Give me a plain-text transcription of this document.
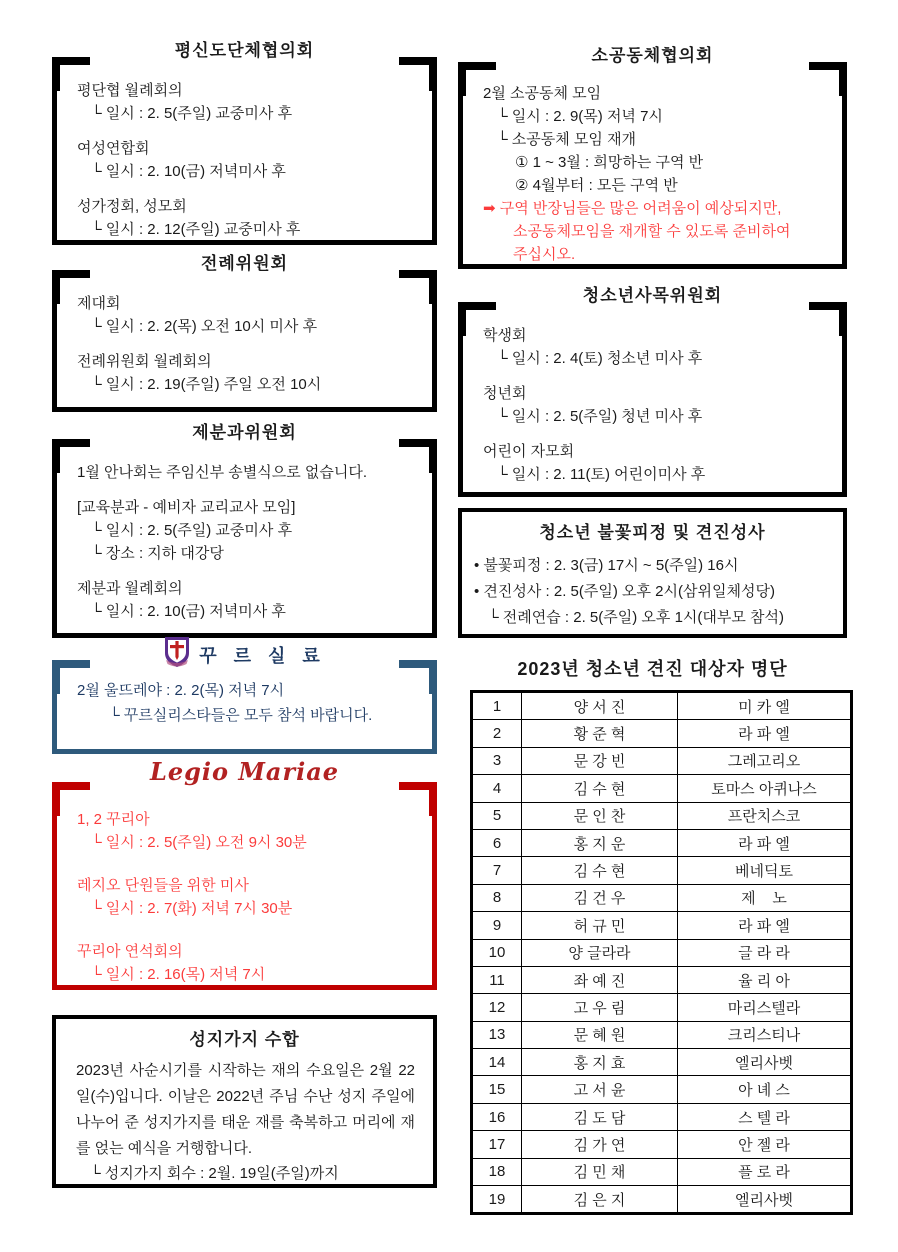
평신도단체협의회
평단협 월례회의
└ 일시 : 2. 5(주일) 교중미사 후
여성연합회
└ 일시 : 2. 10(금) 저녁미사 후
성가정회, 성모회
└ 일시 : 2. 12(주일) 교중미사 후
전례위원회
제대회
└ 일시 : 2. 2(목) 오전 10시 미사 후
전례위원회 월례회의
└ 일시 : 2. 19(주일) 주일 오전 10시
제분과위원회
1월 안나회는 주임신부 송별식으로 없습니다.
[교육분과 - 예비자 교리교사 모임]
└ 일시 : 2. 5(주일) 교중미사 후
└ 장소 : 지하 대강당
제분과 월례회의
└ 일시 : 2. 10(금) 저녁미사 후
꾸 르 실 료
2월 울뜨레야 : 2. 2(목) 저녁 7시
└ 꾸르실리스타들은 모두 참석 바랍니다.
Legio Mariae
1, 2 꾸리아
└ 일시 : 2. 5(주일) 오전 9시 30분
레지오 단원들을 위한 미사
└ 일시 : 2. 7(화) 저녁 7시 30분
꾸리아 연석회의
└ 일시 : 2. 16(목) 저녁 7시
성지가지 수합
2023년 사순시기를 시작하는 재의 수요일은 2월 22일(수)입니다. 이날은 2022년 주님 수난 성지 주일에 나누어 준 성지가지를 태운 재를 축복하고 머리에 재를 얹는 예식을 거행합니다.
└ 성지가지 회수 : 2월. 19일(주일)까지
소공동체협의회
2월 소공동체 모임
└ 일시 : 2. 9(목) 저녁 7시
└ 소공동체 모임 재개
① 1 ~ 3월 : 희망하는 구역 반
② 4월부터 : 모든 구역 반
➡ 구역 반장님들은 많은 어려움이 예상되지만,
소공동체모임을 재개할 수 있도록 준비하여
주십시오.
청소년사목위원회
학생회
└ 일시 : 2. 4(토) 청소년 미사 후
청년회
└ 일시 : 2. 5(주일) 청년 미사 후
어린이 자모회
└ 일시 : 2. 11(토) 어린이미사 후
청소년 불꽃피정 및 견진성사
• 불꽃피정 : 2. 3(금) 17시 ~ 5(주일) 16시
• 견진성사 : 2. 5(주일) 오후 2시(삼위일체성당)
└ 전례연습 : 2. 5(주일) 오후 1시(대부모 참석)
2023년 청소년 견진 대상자 명단
1	양 서 진	미 카 엘
2	황 준 혁	라 파 엘
3	문 강 빈	그레고리오
4	김 수 현	토마스 아퀴나스
5	문 인 찬	프란치스코
6	홍 지 운	라 파 엘
7	김 수 현	베네딕토
8	김 건 우	제    노
9	허 규 민	라 파 엘
10	양 글라라	글 라 라
11	좌 예 진	율 리 아
12	고 우 림	마리스텔라
13	문 혜 원	크리스티나
14	홍 지 효	엘리사벳
15	고 서 윤	아 녜 스
16	김 도 담	스 텔 라
17	김 가 연	안 젤 라
18	김 민 채	플 로 라
19	김 은 지	엘리사벳
